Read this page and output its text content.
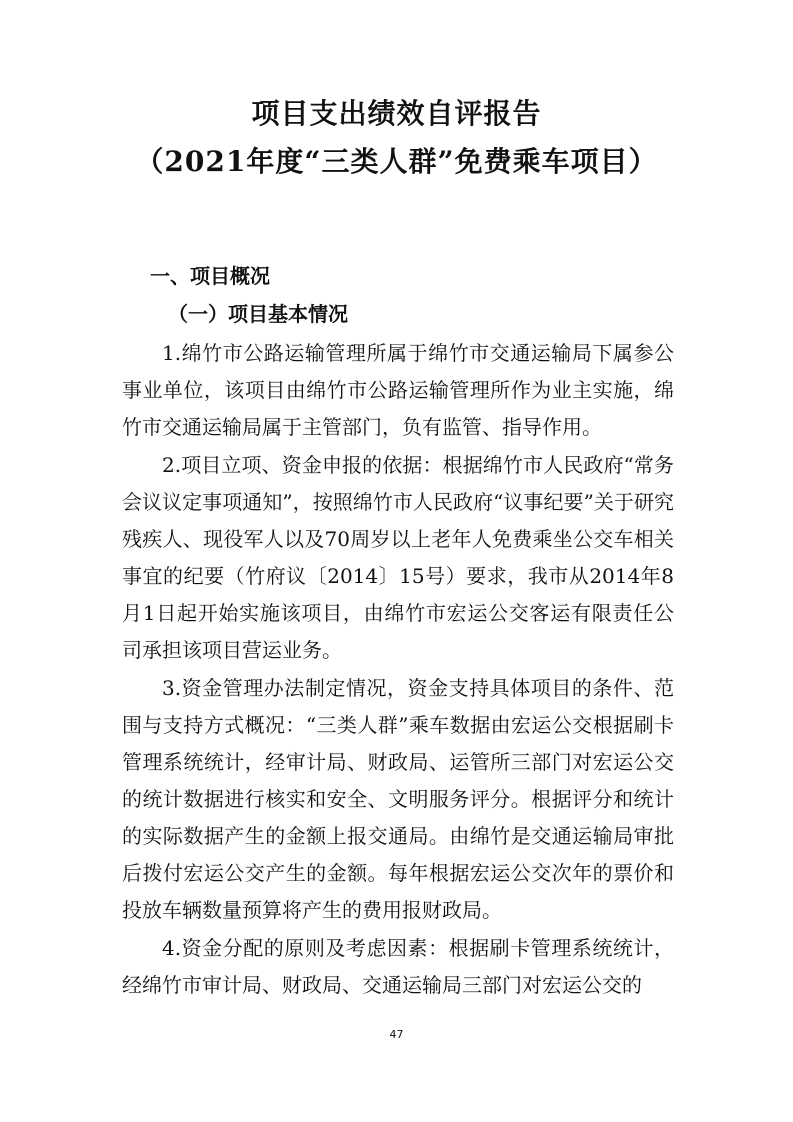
项目支出绩效自评报告
（2021年度“三类人群”免费乘车项目）
一、项目概况
（一）项目基本情况

1.绵竹市公路运输管理所属于绵竹市交通运输局下属参公事业单位，该项目由绵竹市公路运输管理所作为业主实施，绵竹市交通运输局属于主管部门，负有监管、指导作用。

2.项目立项、资金申报的依据：根据绵竹市人民政府“常务会议议定事项通知”，按照绵竹市人民政府“议事纪要”关于研究残疾人、现役军人以及70周岁以上老年人免费乘坐公交车相关事宜的纪要（竹府议〔2014〕15号）要求，我市从2014年8月1日起开始实施该项目，由绵竹市宏运公交客运有限责任公司承担该项目营运业务。

3.资金管理办法制定情况，资金支持具体项目的条件、范围与支持方式概况：“三类人群”乘车数据由宏运公交根据刷卡管理系统统计，经审计局、财政局、运管所三部门对宏运公交的统计数据进行核实和安全、文明服务评分。根据评分和统计的实际数据产生的金额上报交通局。由绵竹是交通运输局审批后拨付宏运公交产生的金额。每年根据宏运公交次年的票价和投放车辆数量预算将产生的费用报财政局。

4.资金分配的原则及考虑因素：根据刷卡管理系统统计，经绵竹市审计局、财政局、交通运输局三部门对宏运公交的

47
